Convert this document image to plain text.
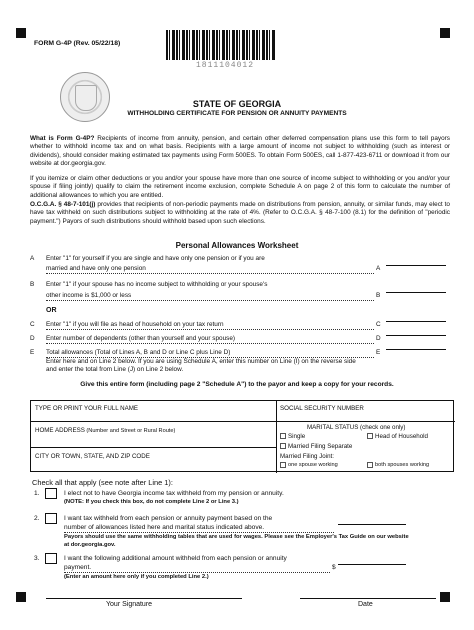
FORM G-4P (Rev. 05/22/18)
1811104012
STATE OF GEORGIA
WITHHOLDING CERTIFICATE FOR PENSION OR ANNUITY PAYMENTS
What is Form G-4P? Recipients of income from annuity, pension, and certain other deferred compensation plans use this form to tell payors whether to withhold income tax and on what basis. Recipients with a large amount of income not subject to withholding (such as interest or dividends), should consider making estimated tax payments using Form 500ES. To obtain Form 500ES, call 1-877-423-6711 or download it from our website at dor.georgia.gov.
If you itemize or claim other deductions or you and/or your spouse have more than one source of income subject to withholding or you and/or your spouse if filing jointly) qualify to claim the retirement income exclusion, complete Schedule A on page 2 of this form to calculate the number of additional allowances to which you are entitled.
O.C.G.A. § 48-7-101(j) provides that recipients of non-periodic payments made on distributions from pension, annuity, or similar funds, may elect to have tax withheld on such distributions subject to withholding at the rate of 4%. (Refer to O.C.G.A. § 48-7-100 (8.1) for the definition of "periodic payment.") Payors of such distributions should withhold based upon such elections.
Personal Allowances Worksheet
A	Enter "1" for yourself if you are single and have only one pension or if you are
married and have only one pension	A
B	Enter "1" if your spouse has no income subject to withholding or your spouse's
other income is $1,000 or less	B
OR
C	Enter "1" if you will file as head of household on your tax return	C
D	Enter number of dependents (other than yourself and your spouse)	D
E	Total allowances (Total of Lines A, B and D or Line C plus Line D)	E
Enter here and on Line 2 below. If you are using Schedule A, enter this number on Line (I) on the reverse side and enter the total from Line (J) on Line 2 below.
Give this entire form (including page 2 "Schedule A") to the payor and keep a copy for your records.
TYPE OR PRINT YOUR FULL NAME	SOCIAL SECURITY NUMBER
HOME ADDRESS (Number and Street or Rural Route)
CITY OR TOWN, STATE, AND ZIP CODE
MARITAL STATUS (check one only)
Single	Head of Household
Married Filing Separate
Married Filing Joint:
one spouse working	both spouses working
Check all that apply (see note after Line 1):
1.	I elect not to have Georgia income tax withheld from my pension or annuity.
(NOTE: If you check this box, do not complete Line 2 or Line 3.)
2.	I want tax withheld from each pension or annuity payment based on the
number of allowances listed here and marital status indicated above.
Payors should use the same withholding tables that are used for wages. Please see the Employer's Tax Guide on our website
at dor.georgia.gov.
3.	I want the following additional amount withheld from each pension or annuity
payment.	$
(Enter an amount here only if you completed Line 2.)
Your Signature	Date
